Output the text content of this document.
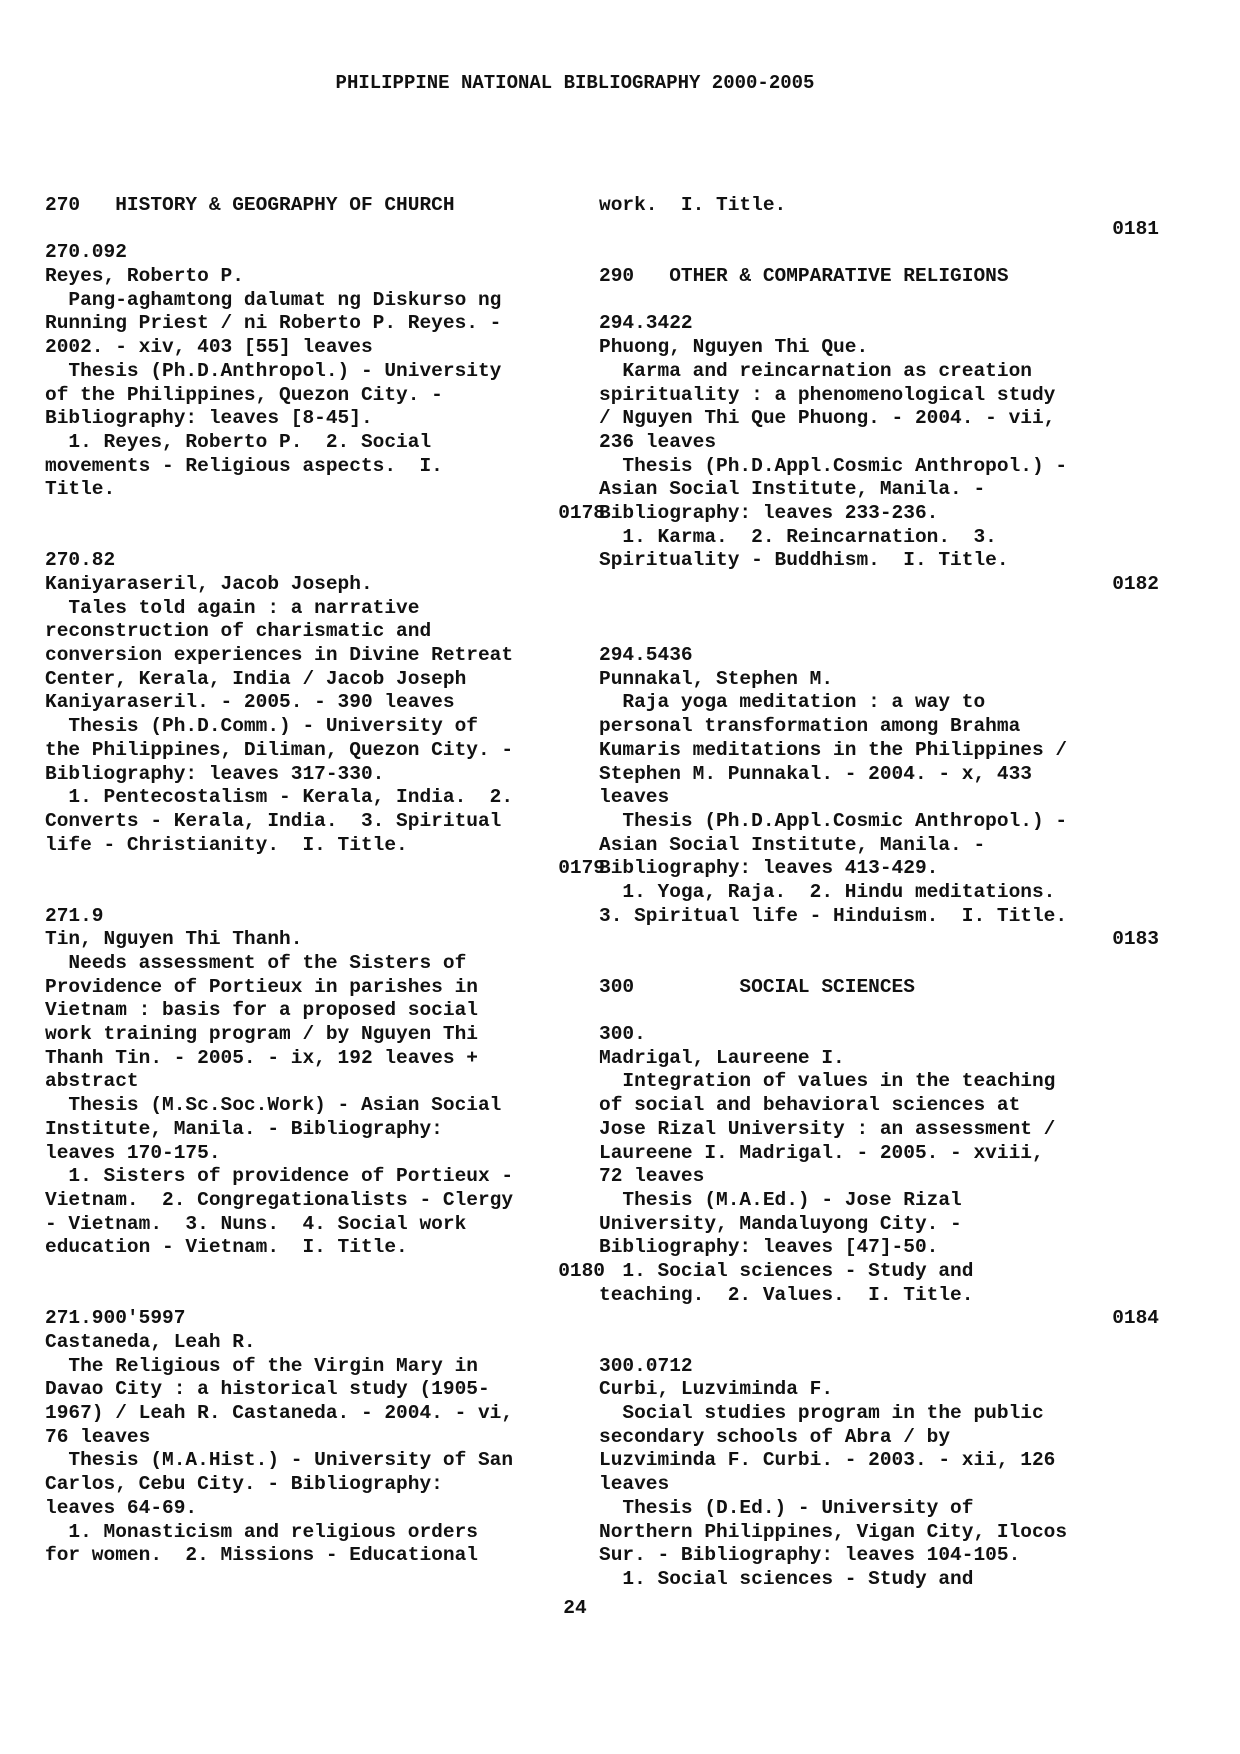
PHILIPPINE NATIONAL BIBLIOGRAPHY 2000-2005
270   HISTORY & GEOGRAPHY OF CHURCH
270.092
Reyes, Roberto P.
Pang-aghamtong dalumat ng Diskurso ng
Running Priest / ni Roberto P. Reyes. -
2002. - xiv, 403 [55] leaves
Thesis (Ph.D.Anthropol.) - University
of the Philippines, Quezon City. -
Bibliography: leaves [8-45].
1. Reyes, Roberto P.  2. Social
movements - Religious aspects.  I.
Title.
0178
270.82
Kaniyaraseril, Jacob Joseph.
Tales told again : a narrative
reconstruction of charismatic and
conversion experiences in Divine Retreat
Center, Kerala, India / Jacob Joseph
Kaniyaraseril. - 2005. - 390 leaves
Thesis (Ph.D.Comm.) - University of
the Philippines, Diliman, Quezon City. -
Bibliography: leaves 317-330.
1. Pentecostalism - Kerala, India.  2.
Converts - Kerala, India.  3. Spiritual
life - Christianity.  I. Title.
0179
271.9
Tin, Nguyen Thi Thanh.
Needs assessment of the Sisters of
Providence of Portieux in parishes in
Vietnam : basis for a proposed social
work training program / by Nguyen Thi
Thanh Tin. - 2005. - ix, 192 leaves +
abstract
Thesis (M.Sc.Soc.Work) - Asian Social
Institute, Manila. - Bibliography:
leaves 170-175.
1. Sisters of providence of Portieux -
Vietnam.  2. Congregationalists - Clergy
- Vietnam.  3. Nuns.  4. Social work
education - Vietnam.  I. Title.
0180
271.900'5997
Castaneda, Leah R.
The Religious of the Virgin Mary in
Davao City : a historical study (1905-
1967) / Leah R. Castaneda. - 2004. - vi,
76 leaves
Thesis (M.A.Hist.) - University of San
Carlos, Cebu City. - Bibliography:
leaves 64-69.
1. Monasticism and religious orders
for women.  2. Missions - Educational
work.  I. Title.
0181
290   OTHER & COMPARATIVE RELIGIONS
294.3422
Phuong, Nguyen Thi Que.
Karma and reincarnation as creation
spirituality : a phenomenological study
/ Nguyen Thi Que Phuong. - 2004. - vii,
236 leaves
Thesis (Ph.D.Appl.Cosmic Anthropol.) -
Asian Social Institute, Manila. -
Bibliography: leaves 233-236.
1. Karma.  2. Reincarnation.  3.
Spirituality - Buddhism.  I. Title.
0182
294.5436
Punnakal, Stephen M.
Raja yoga meditation : a way to
personal transformation among Brahma
Kumaris meditations in the Philippines /
Stephen M. Punnakal. - 2004. - x, 433
leaves
Thesis (Ph.D.Appl.Cosmic Anthropol.) -
Asian Social Institute, Manila. -
Bibliography: leaves 413-429.
1. Yoga, Raja.  2. Hindu meditations.
3. Spiritual life - Hinduism.  I. Title.
0183
300         SOCIAL SCIENCES
300.
Madrigal, Laureene I.
Integration of values in the teaching
of social and behavioral sciences at
Jose Rizal University : an assessment /
Laureene I. Madrigal. - 2005. - xviii,
72 leaves
Thesis (M.A.Ed.) - Jose Rizal
University, Mandaluyong City. -
Bibliography: leaves [47]-50.
1. Social sciences - Study and
teaching.  2. Values.  I. Title.
0184
300.0712
Curbi, Luzviminda F.
Social studies program in the public
secondary schools of Abra / by
Luzviminda F. Curbi. - 2003. - xii, 126
leaves
Thesis (D.Ed.) - University of
Northern Philippines, Vigan City, Ilocos
Sur. - Bibliography: leaves 104-105.
1. Social sciences - Study and
24
